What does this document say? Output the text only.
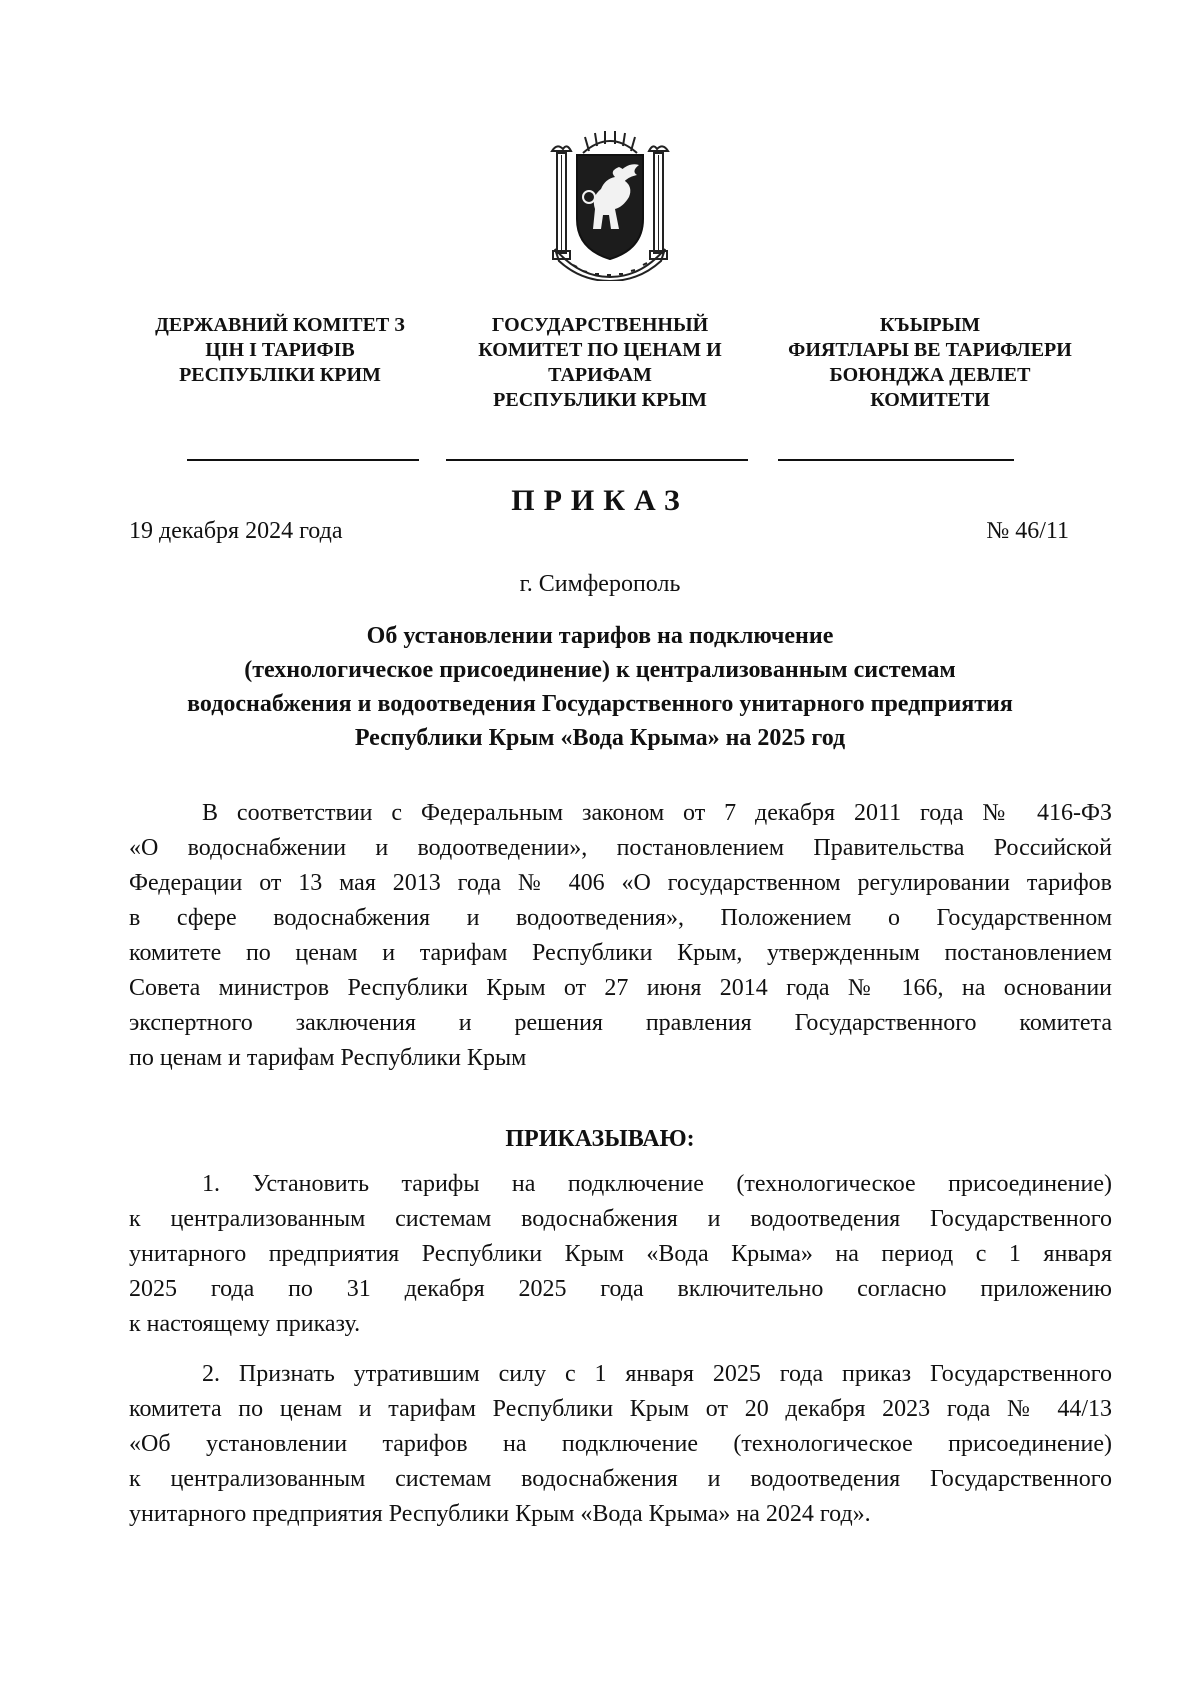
ДЕРЖАВНИЙ КОМІТЕТ З
ЦІН І ТАРИФІВ
РЕСПУБЛІКИ КРИМ
ГОСУДАРСТВЕННЫЙ
КОМИТЕТ ПО ЦЕНАМ И
ТАРИФАМ
РЕСПУБЛИКИ КРЫМ
КЪЫРЫМ
ФИЯТЛАРЫ ВЕ ТАРИФЛЕРИ
БОЮНДЖА ДЕВЛЕТ
КОМИТЕТИ
ПРИКАЗ
19 декабря 2024 года	№ 46/11
г. Симферополь
Об установлении тарифов на подключение
(технологическое присоединение) к централизованным системам
водоснабжения и водоотведения Государственного унитарного предприятия
Республики Крым «Вода Крыма» на 2025 год
В соответствии с Федеральным законом от 7 декабря 2011 года № 416-ФЗ
«О водоснабжении и водоотведении», постановлением Правительства Российской
Федерации от 13 мая 2013 года № 406 «О государственном регулировании тарифов
в сфере водоснабжения и водоотведения», Положением о Государственном
комитете по ценам и тарифам Республики Крым, утвержденным постановлением
Совета министров Республики Крым от 27 июня 2014 года № 166, на основании
экспертного заключения и решения правления Государственного комитета
по ценам и тарифам Республики Крым
ПРИКАЗЫВАЮ:
1. Установить тарифы на подключение (технологическое присоединение)
к централизованным системам водоснабжения и водоотведения Государственного
унитарного предприятия Республики Крым «Вода Крыма» на период с 1 января
2025 года по 31 декабря 2025 года включительно согласно приложению
к настоящему приказу.
2. Признать утратившим силу с 1 января 2025 года приказ Государственного
комитета по ценам и тарифам Республики Крым от 20 декабря 2023 года № 44/13
«Об установлении тарифов на подключение (технологическое присоединение)
к централизованным системам водоснабжения и водоотведения Государственного
унитарного предприятия Республики Крым «Вода Крыма» на 2024 год».
